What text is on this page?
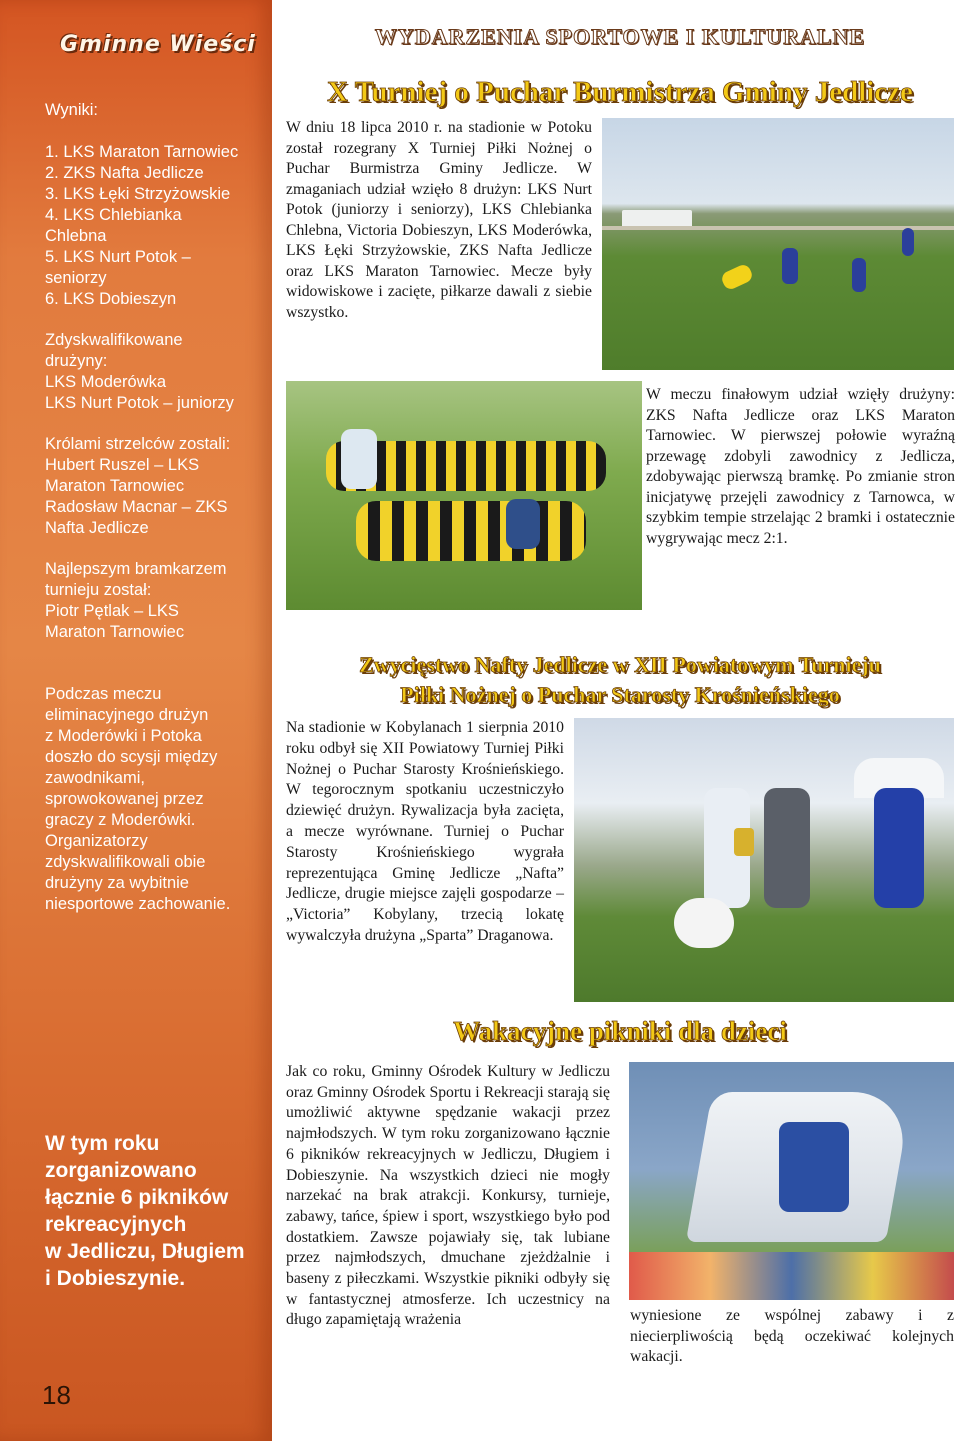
Gminne Wieści
Wyniki:
1. LKS Maraton Tarnowiec
2. ZKS Nafta Jedlicze
3. LKS Łęki Strzyżowskie
4. LKS Chlebianka
Chlebna
5. LKS Nurt Potok –
seniorzy
6. LKS Dobieszyn
Zdyskwalifikowane
drużyny:
LKS Moderówka
LKS Nurt Potok – juniorzy
Królami strzelców zostali:
Hubert Ruszel – LKS
Maraton Tarnowiec
Radosław Macnar – ZKS
Nafta Jedlicze
Najlepszym bramkarzem
turnieju został:
Piotr Pętlak – LKS
Maraton Tarnowiec
Podczas meczu
eliminacyjnego drużyn
z Moderówki i Potoka
doszło do scysji między
zawodnikami,
sprowokowanej przez
graczy z Moderówki.
Organizatorzy
zdyskwalifikowali obie
drużyny za wybitnie
niesportowe zachowanie.
W tym roku
zorganizowano
łącznie 6 pikników
rekreacyjnych
w Jedliczu, Długiem
i Dobieszynie.
18
WYDARZENIA SPORTOWE I KULTURALNE
X Turniej o Puchar Burmistrza Gminy Jedlicze

W dniu 18 lipca 2010 r. na stadionie w Potoku został rozegrany X Turniej Piłki Nożnej o Puchar Burmistrza Gminy Jedlicze. W zmaganiach udział wzięło 8 drużyn: LKS Nurt Potok (juniorzy i seniorzy), LKS Chlebianka Chlebna, Victoria Dobieszyn, LKS Moderówka, LKS Łęki Strzyżowskie, ZKS Nafta Jedlicze oraz LKS Maraton Tarnowiec. Mecze były widowiskowe i zacięte, piłkarze dawali z siebie wszystko.

W meczu finałowym udział wzięły drużyny: ZKS Nafta Jedlicze oraz LKS Maraton Tarnowiec. W pierwszej połowie wyraźną przewagę zdobyli zawodnicy z Jedlicza, zdobywając pierwszą bramkę. Po zmianie stron inicjatywę przejęli zawodnicy z Tarnowca, w szybkim tempie strzelając 2 bramki i ostatecznie wygrywając mecz 2:1.

Zwycięstwo Nafty Jedlicze w XII Powiatowym Turnieju
Piłki Nożnej o Puchar Starosty Krośnieńskiego

Na stadionie w Kobylanach 1 sierpnia 2010 roku odbył się XII Powiatowy Turniej Piłki Nożnej o Puchar Starosty Krośnieńskiego. W tegorocznym spotkaniu uczestniczyło dziewięć drużyn. Rywalizacja była zacięta, a mecze wyrównane. Turniej o Puchar Starosty Krośnieńskiego wygrała reprezentująca Gminę Jedlicze „Nafta” Jedlicze, drugie miejsce zajęli gospodarze – „Victoria” Kobylany, trzecią lokatę wywalczyła drużyna „Sparta” Draganowa.

Wakacyjne pikniki dla dzieci

Jak co roku, Gminny Ośrodek Kultury w Jedliczu oraz Gminny Ośrodek Sportu i Rekreacji starają się umożliwić aktywne spędzanie wakacji przez najmłodszych. W tym roku zorganizowano łącznie 6 pikników rekreacyjnych w Jedliczu, Długiem i Dobieszynie. Na wszystkich dzieci nie mogły narzekać na brak atrakcji. Konkursy, turnieje, zabawy, tańce, śpiew i sport, wszystkiego było pod dostatkiem. Zawsze pojawiały się, tak lubiane przez najmłodszych, dmuchane zjeżdżalnie i baseny z piłeczkami. Wszystkie pikniki odbyły się w fantastycznej atmosferze. Ich uczestnicy na długo zapamiętają wrażenia	wyniesione ze wspólnej zabawy i z niecierpliwością będą oczekiwać kolejnych wakacji.
